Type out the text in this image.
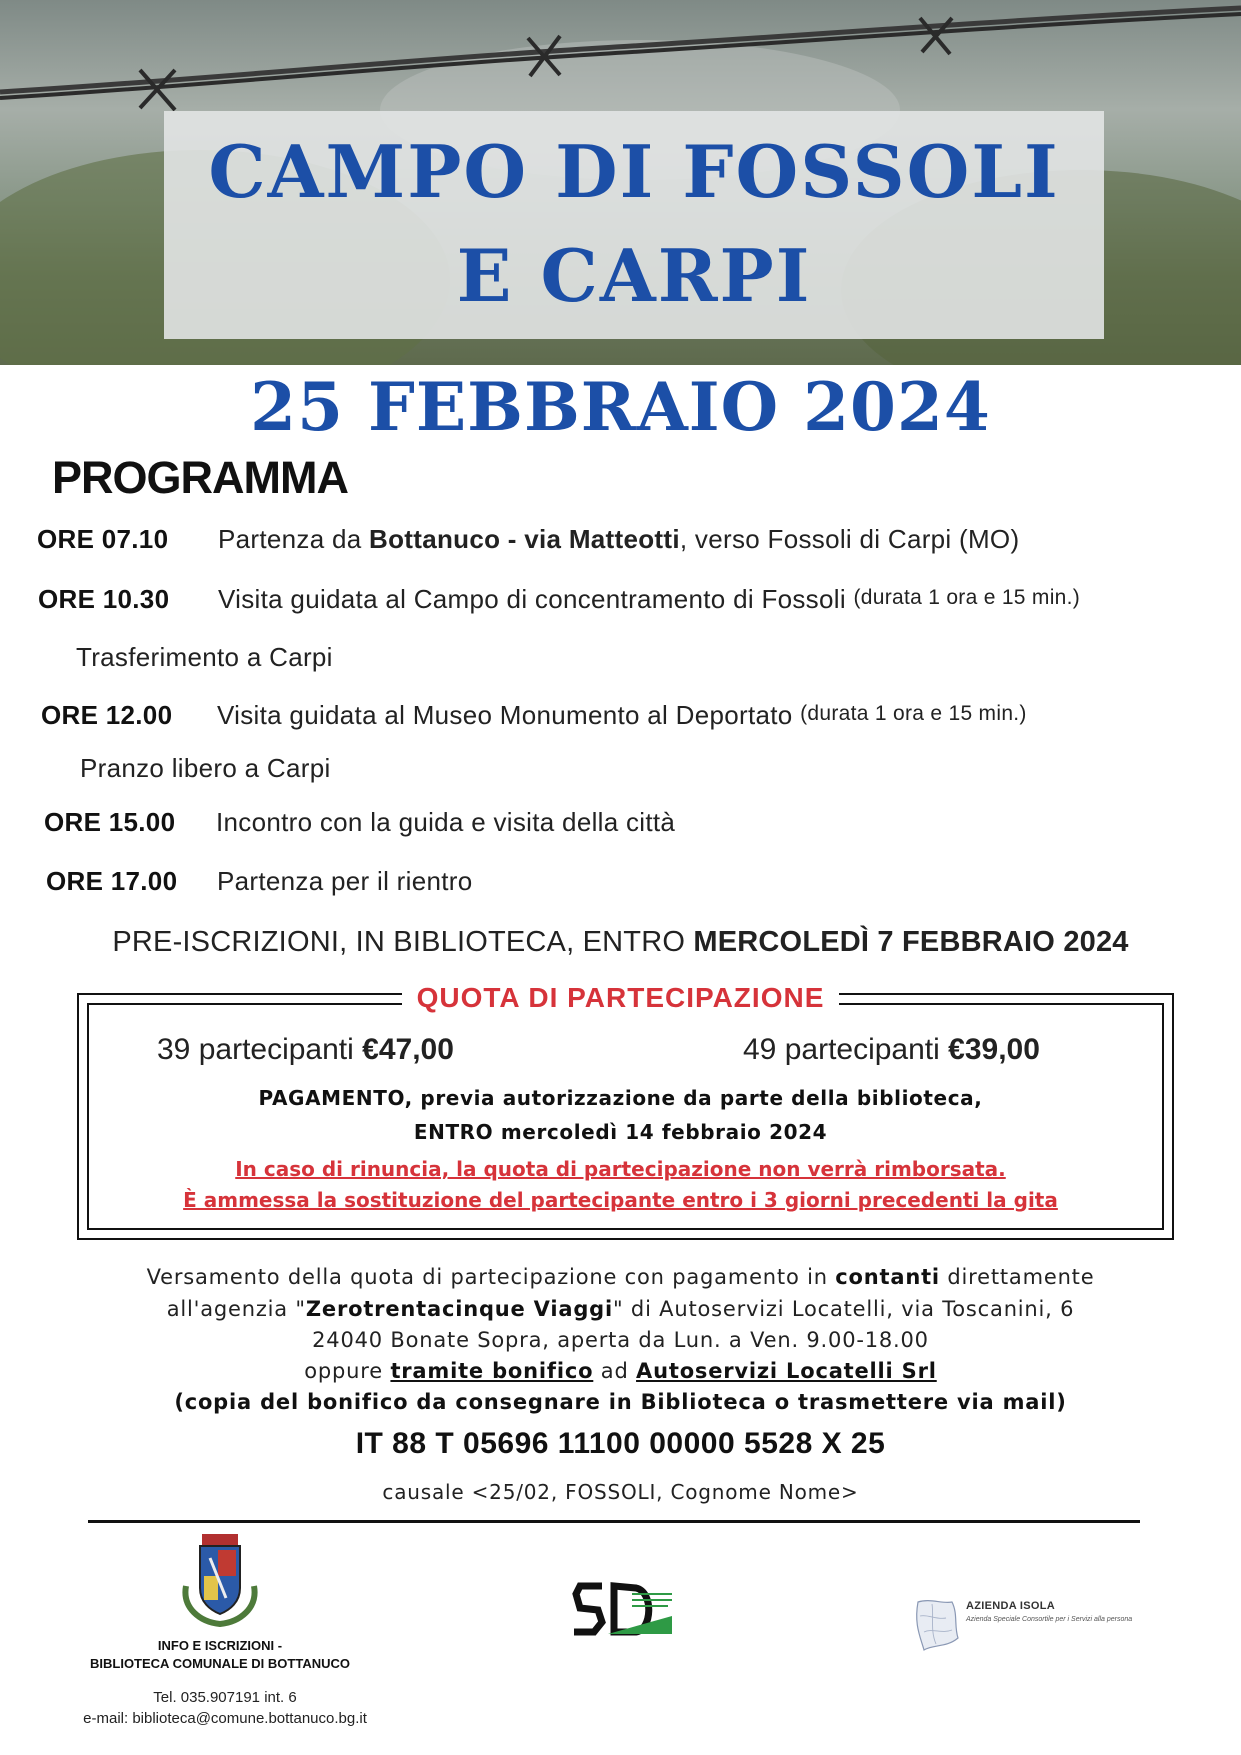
CAMPO DI FOSSOLI
E CARPI
25 FEBBRAIO 2024
PROGRAMMA
ORE 07.10 Partenza da Bottanuco - via Matteotti, verso Fossoli di Carpi (MO)
ORE 10.30 Visita guidata al Campo di concentramento di Fossoli (durata 1 ora e 15 min.)
Trasferimento a Carpi
ORE 12.00 Visita guidata al Museo Monumento al Deportato (durata 1 ora e 15 min.)
Pranzo libero a Carpi
ORE 15.00 Incontro con la guida e visita della città
ORE 17.00 Partenza per il rientro
PRE-ISCRIZIONI, IN BIBLIOTECA, ENTRO MERCOLEDÌ 7 FEBBRAIO 2024
QUOTA DI PARTECIPAZIONE
39 partecipanti €47,00	49 partecipanti €39,00
PAGAMENTO, previa autorizzazione da parte della biblioteca,
ENTRO mercoledì 14 febbraio 2024
In caso di rinuncia, la quota di partecipazione non verrà rimborsata.
È ammessa la sostituzione del partecipante entro i 3 giorni precedenti la gita
Versamento della quota di partecipazione con pagamento in contanti direttamente
all'agenzia "Zerotrentacinque Viaggi" di Autoservizi Locatelli, via Toscanini, 6
24040 Bonate Sopra, aperta da Lun. a Ven. 9.00-18.00
oppure tramite bonifico ad Autoservizi Locatelli Srl
(copia del bonifico da consegnare in Biblioteca o trasmettere via mail)
IT 88 T 05696 11100 00000 5528 X 25
causale <25/02, FOSSOLI, Cognome Nome>
INFO E ISCRIZIONI -
BIBLIOTECA COMUNALE DI BOTTANUCO
Tel. 035.907191 int. 6
e-mail: biblioteca@comune.bottanuco.bg.it
AZIENDA ISOLA
Azienda Speciale Consortile per i Servizi alla persona
